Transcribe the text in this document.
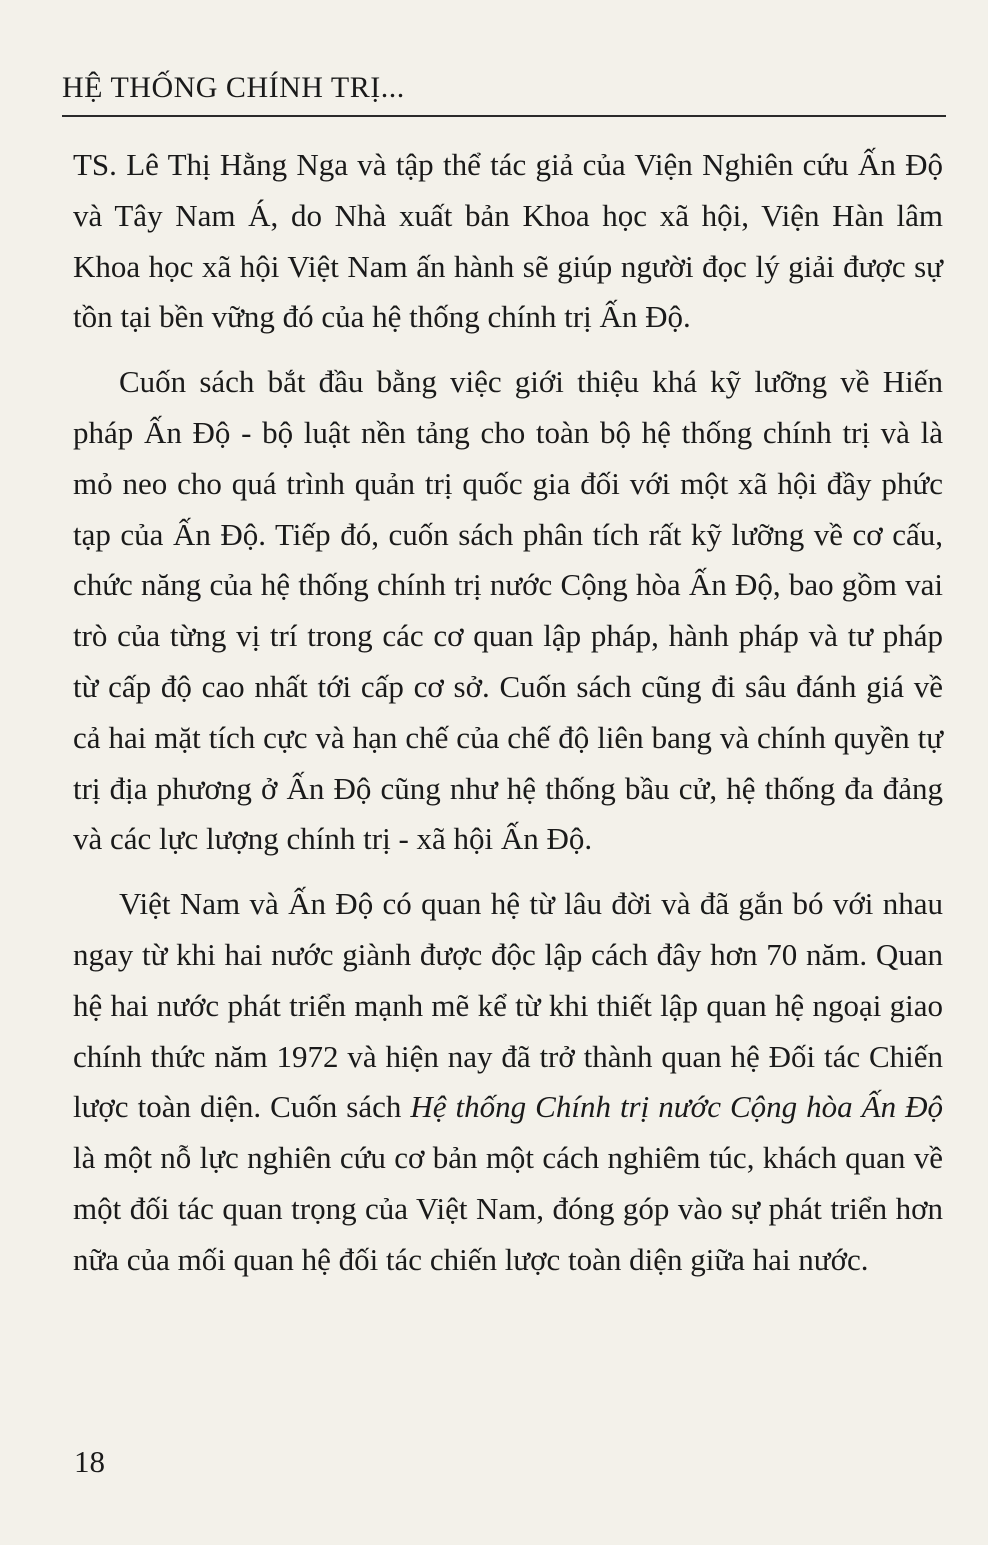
HỆ THỐNG CHÍNH TRỊ...

TS. Lê Thị Hằng Nga và tập thể tác giả của Viện Nghiên cứu Ấn Độ và Tây Nam Á, do Nhà xuất bản Khoa học xã hội, Viện Hàn lâm Khoa học xã hội Việt Nam ấn hành sẽ giúp người đọc lý giải được sự tồn tại bền vững đó của hệ thống chính trị Ấn Độ.

Cuốn sách bắt đầu bằng việc giới thiệu khá kỹ lưỡng về Hiến pháp Ấn Độ - bộ luật nền tảng cho toàn bộ hệ thống chính trị và là mỏ neo cho quá trình quản trị quốc gia đối với một xã hội đầy phức tạp của Ấn Độ. Tiếp đó, cuốn sách phân tích rất kỹ lưỡng về cơ cấu, chức năng của hệ thống chính trị nước Cộng hòa Ấn Độ, bao gồm vai trò của từng vị trí trong các cơ quan lập pháp, hành pháp và tư pháp từ cấp độ cao nhất tới cấp cơ sở. Cuốn sách cũng đi sâu đánh giá về cả hai mặt tích cực và hạn chế của chế độ liên bang và chính quyền tự trị địa phương ở Ấn Độ cũng như hệ thống bầu cử, hệ thống đa đảng và các lực lượng chính trị - xã hội Ấn Độ.

Việt Nam và Ấn Độ có quan hệ từ lâu đời và đã gắn bó với nhau ngay từ khi hai nước giành được độc lập cách đây hơn 70 năm. Quan hệ hai nước phát triển mạnh mẽ kể từ khi thiết lập quan hệ ngoại giao chính thức năm 1972 và hiện nay đã trở thành quan hệ Đối tác Chiến lược toàn diện. Cuốn sách Hệ thống Chính trị nước Cộng hòa Ấn Độ là một nỗ lực nghiên cứu cơ bản một cách nghiêm túc, khách quan về một đối tác quan trọng của Việt Nam, đóng góp vào sự phát triển hơn nữa của mối quan hệ đối tác chiến lược toàn diện giữa hai nước.

18
